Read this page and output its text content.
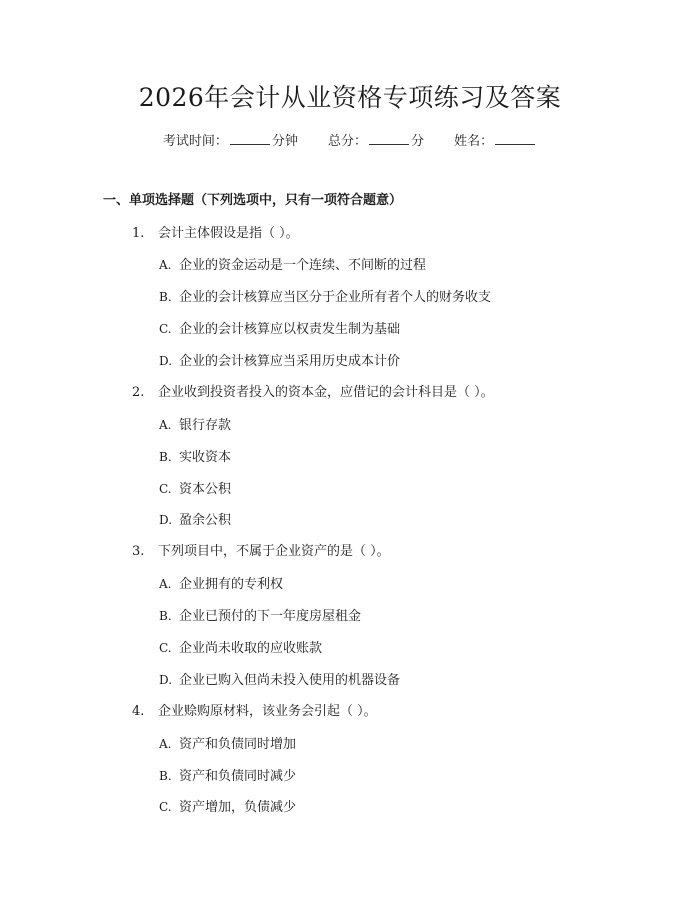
2026年会计从业资格专项练习及答案
考试时间：	分钟 总分：	分 姓名：
一、单项选择题（下列选项中，只有一项符合题意）
1. 会计主体假设是指（ ）。
A. 企业的资金运动是一个连续、不间断的过程
B. 企业的会计核算应当区分于企业所有者个人的财务收支
C. 企业的会计核算应以权责发生制为基础
D. 企业的会计核算应当采用历史成本计价
2. 企业收到投资者投入的资本金，应借记的会计科目是（ ）。
A. 银行存款
B. 实收资本
C. 资本公积
D. 盈余公积
3. 下列项目中，不属于企业资产的是（ ）。
A. 企业拥有的专利权
B. 企业已预付的下一年度房屋租金
C. 企业尚未收取的应收账款
D. 企业已购入但尚未投入使用的机器设备
4. 企业赊购原材料，该业务会引起（ ）。
A. 资产和负债同时增加
B. 资产和负债同时减少
C. 资产增加，负债减少
